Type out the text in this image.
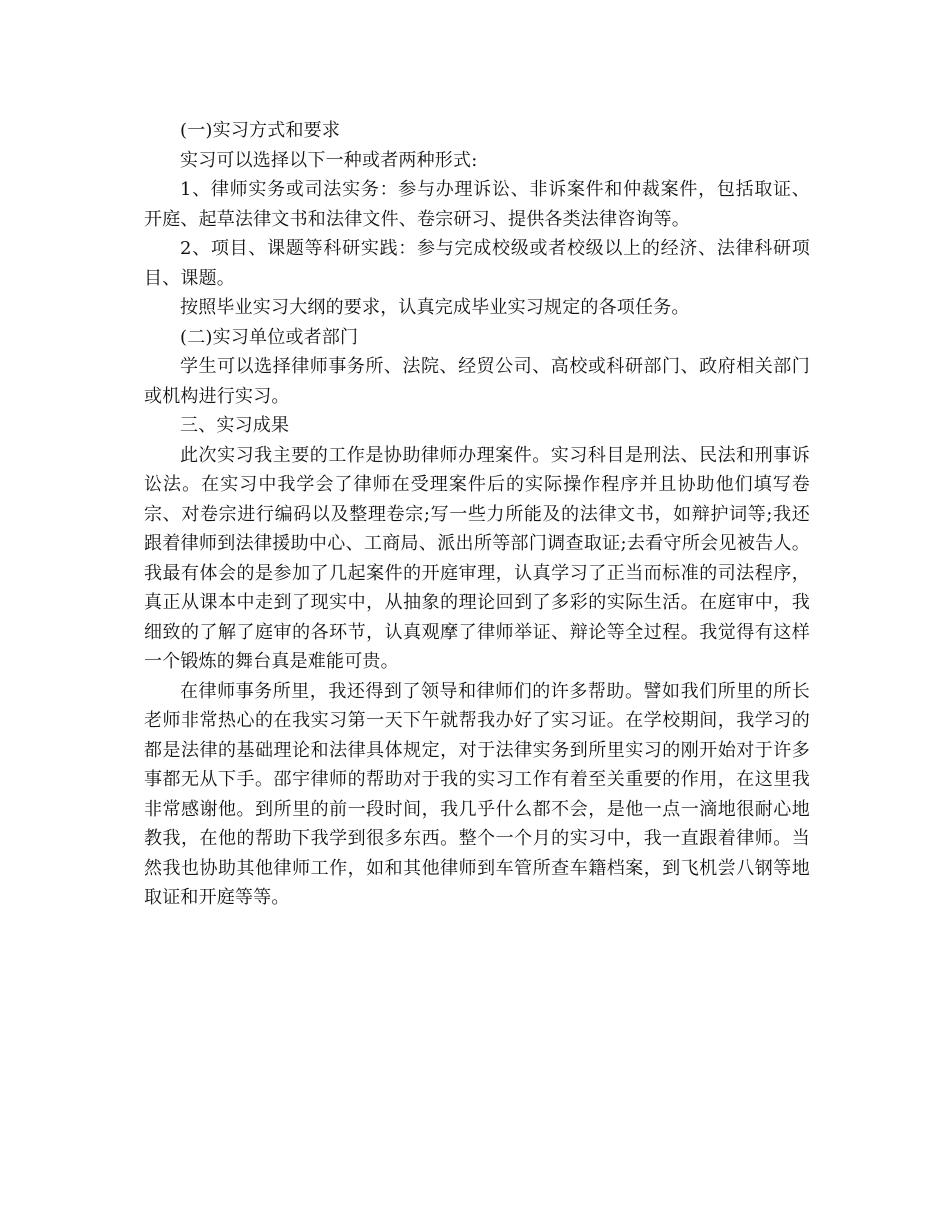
(一)实习方式和要求

实习可以选择以下一种或者两种形式:

1、律师实务或司法实务：参与办理诉讼、非诉案件和仲裁案件，包括取证、开庭、起草法律文书和法律文件、卷宗研习、提供各类法律咨询等。

2、项目、课题等科研实践：参与完成校级或者校级以上的经济、法律科研项目、课题。

按照毕业实习大纲的要求，认真完成毕业实习规定的各项任务。

(二)实习单位或者部门

学生可以选择律师事务所、法院、经贸公司、高校或科研部门、政府相关部门或机构进行实习。

三、实习成果

此次实习我主要的工作是协助律师办理案件。实习科目是刑法、民法和刑事诉讼法。在实习中我学会了律师在受理案件后的实际操作程序并且协助他们填写卷宗、对卷宗进行编码以及整理卷宗;写一些力所能及的法律文书，如辩护词等;我还跟着律师到法律援助中心、工商局、派出所等部门调查取证;去看守所会见被告人。我最有体会的是参加了几起案件的开庭审理，认真学习了正当而标准的司法程序，真正从课本中走到了现实中，从抽象的理论回到了多彩的实际生活。在庭审中，我细致的了解了庭审的各环节，认真观摩了律师举证、辩论等全过程。我觉得有这样一个锻炼的舞台真是难能可贵。

在律师事务所里，我还得到了领导和律师们的许多帮助。譬如我们所里的所长老师非常热心的在我实习第一天下午就帮我办好了实习证。在学校期间，我学习的都是法律的基础理论和法律具体规定，对于法律实务到所里实习的刚开始对于许多事都无从下手。邵宇律师的帮助对于我的实习工作有着至关重要的作用，在这里我非常感谢他。到所里的前一段时间，我几乎什么都不会，是他一点一滴地很耐心地教我，在他的帮助下我学到很多东西。整个一个月的实习中，我一直跟着律师。当然我也协助其他律师工作，如和其他律师到车管所查车籍档案，到飞机尝八钢等地取证和开庭等等。
